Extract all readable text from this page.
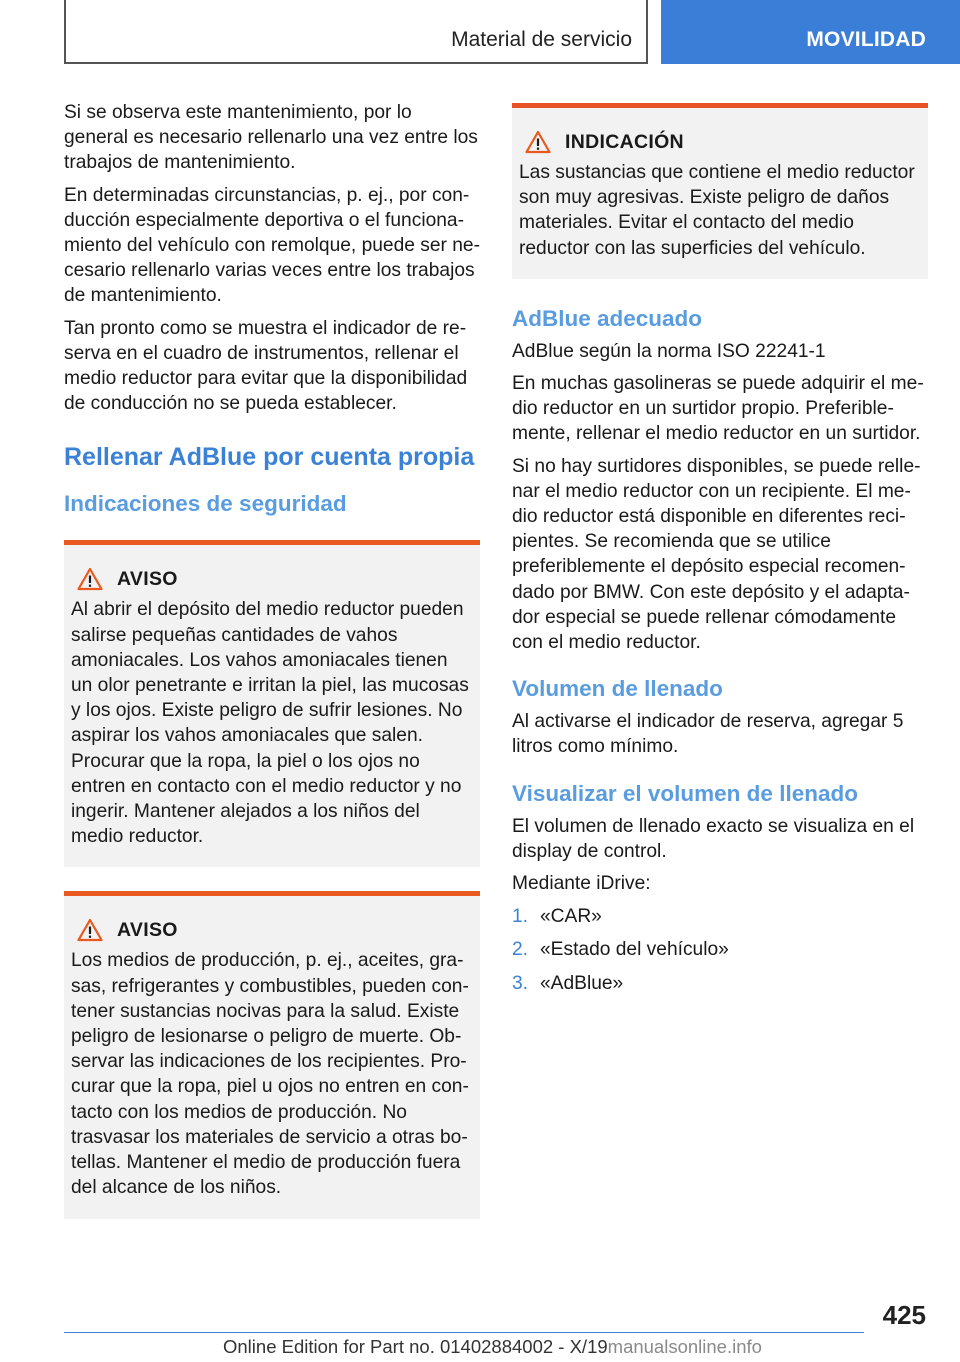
Material de servicio	MOVILIDAD

Si se observa este mantenimiento, por lo general es necesario rellenarlo una vez entre los trabajos de mantenimiento.

En determinadas circunstancias, p. ej., por conducción especialmente deportiva o el funcionamiento del vehículo con remolque, puede ser necesario rellenarlo varias veces entre los trabajos de mantenimiento.

Tan pronto como se muestra el indicador de reserva en el cuadro de instrumentos, rellenar el medio reductor para evitar que la disponibilidad de conducción no se pueda establecer.

Rellenar AdBlue por cuenta propia
Indicaciones de seguridad
AVISO

Al abrir el depósito del medio reductor pueden salirse pequeñas cantidades de vahos amoniacales. Los vahos amoniacales tienen un olor penetrante e irritan la piel, las mucosas y los ojos. Existe peligro de sufrir lesiones. No aspirar los vahos amoniacales que salen. Procurar que la ropa, la piel o los ojos no entren en contacto con el medio reductor y no ingerir. Mantener alejados a los niños del medio reductor.

AVISO

Los medios de producción, p. ej., aceites, grasas, refrigerantes y combustibles, pueden contener sustancias nocivas para la salud. Existe peligro de lesionarse o peligro de muerte. Observar las indicaciones de los recipientes. Procurar que la ropa, piel u ojos no entren en contacto con los medios de producción. No trasvasar los materiales de servicio a otras botellas. Mantener el medio de producción fuera del alcance de los niños.

INDICACIÓN

Las sustancias que contiene el medio reductor son muy agresivas. Existe peligro de daños materiales. Evitar el contacto del medio reductor con las superficies del vehículo.

AdBlue adecuado

AdBlue según la norma ISO 22241-1

En muchas gasolineras se puede adquirir el medio reductor en un surtidor propio. Preferiblemente, rellenar el medio reductor en un surtidor.

Si no hay surtidores disponibles, se puede rellenar el medio reductor con un recipiente. El medio reductor está disponible en diferentes recipientes. Se recomienda que se utilice preferiblemente el depósito especial recomendado por BMW. Con este depósito y el adaptador especial se puede rellenar cómodamente con el medio reductor.

Volumen de llenado

Al activarse el indicador de reserva, agregar 5 litros como mínimo.

Visualizar el volumen de llenado

El volumen de llenado exacto se visualiza en el display de control.

Mediante iDrive:

1. «CAR»
2. «Estado del vehículo»
3. «AdBlue»
425
Online Edition for Part no. 01402884002 - X/19manualsonline.info
